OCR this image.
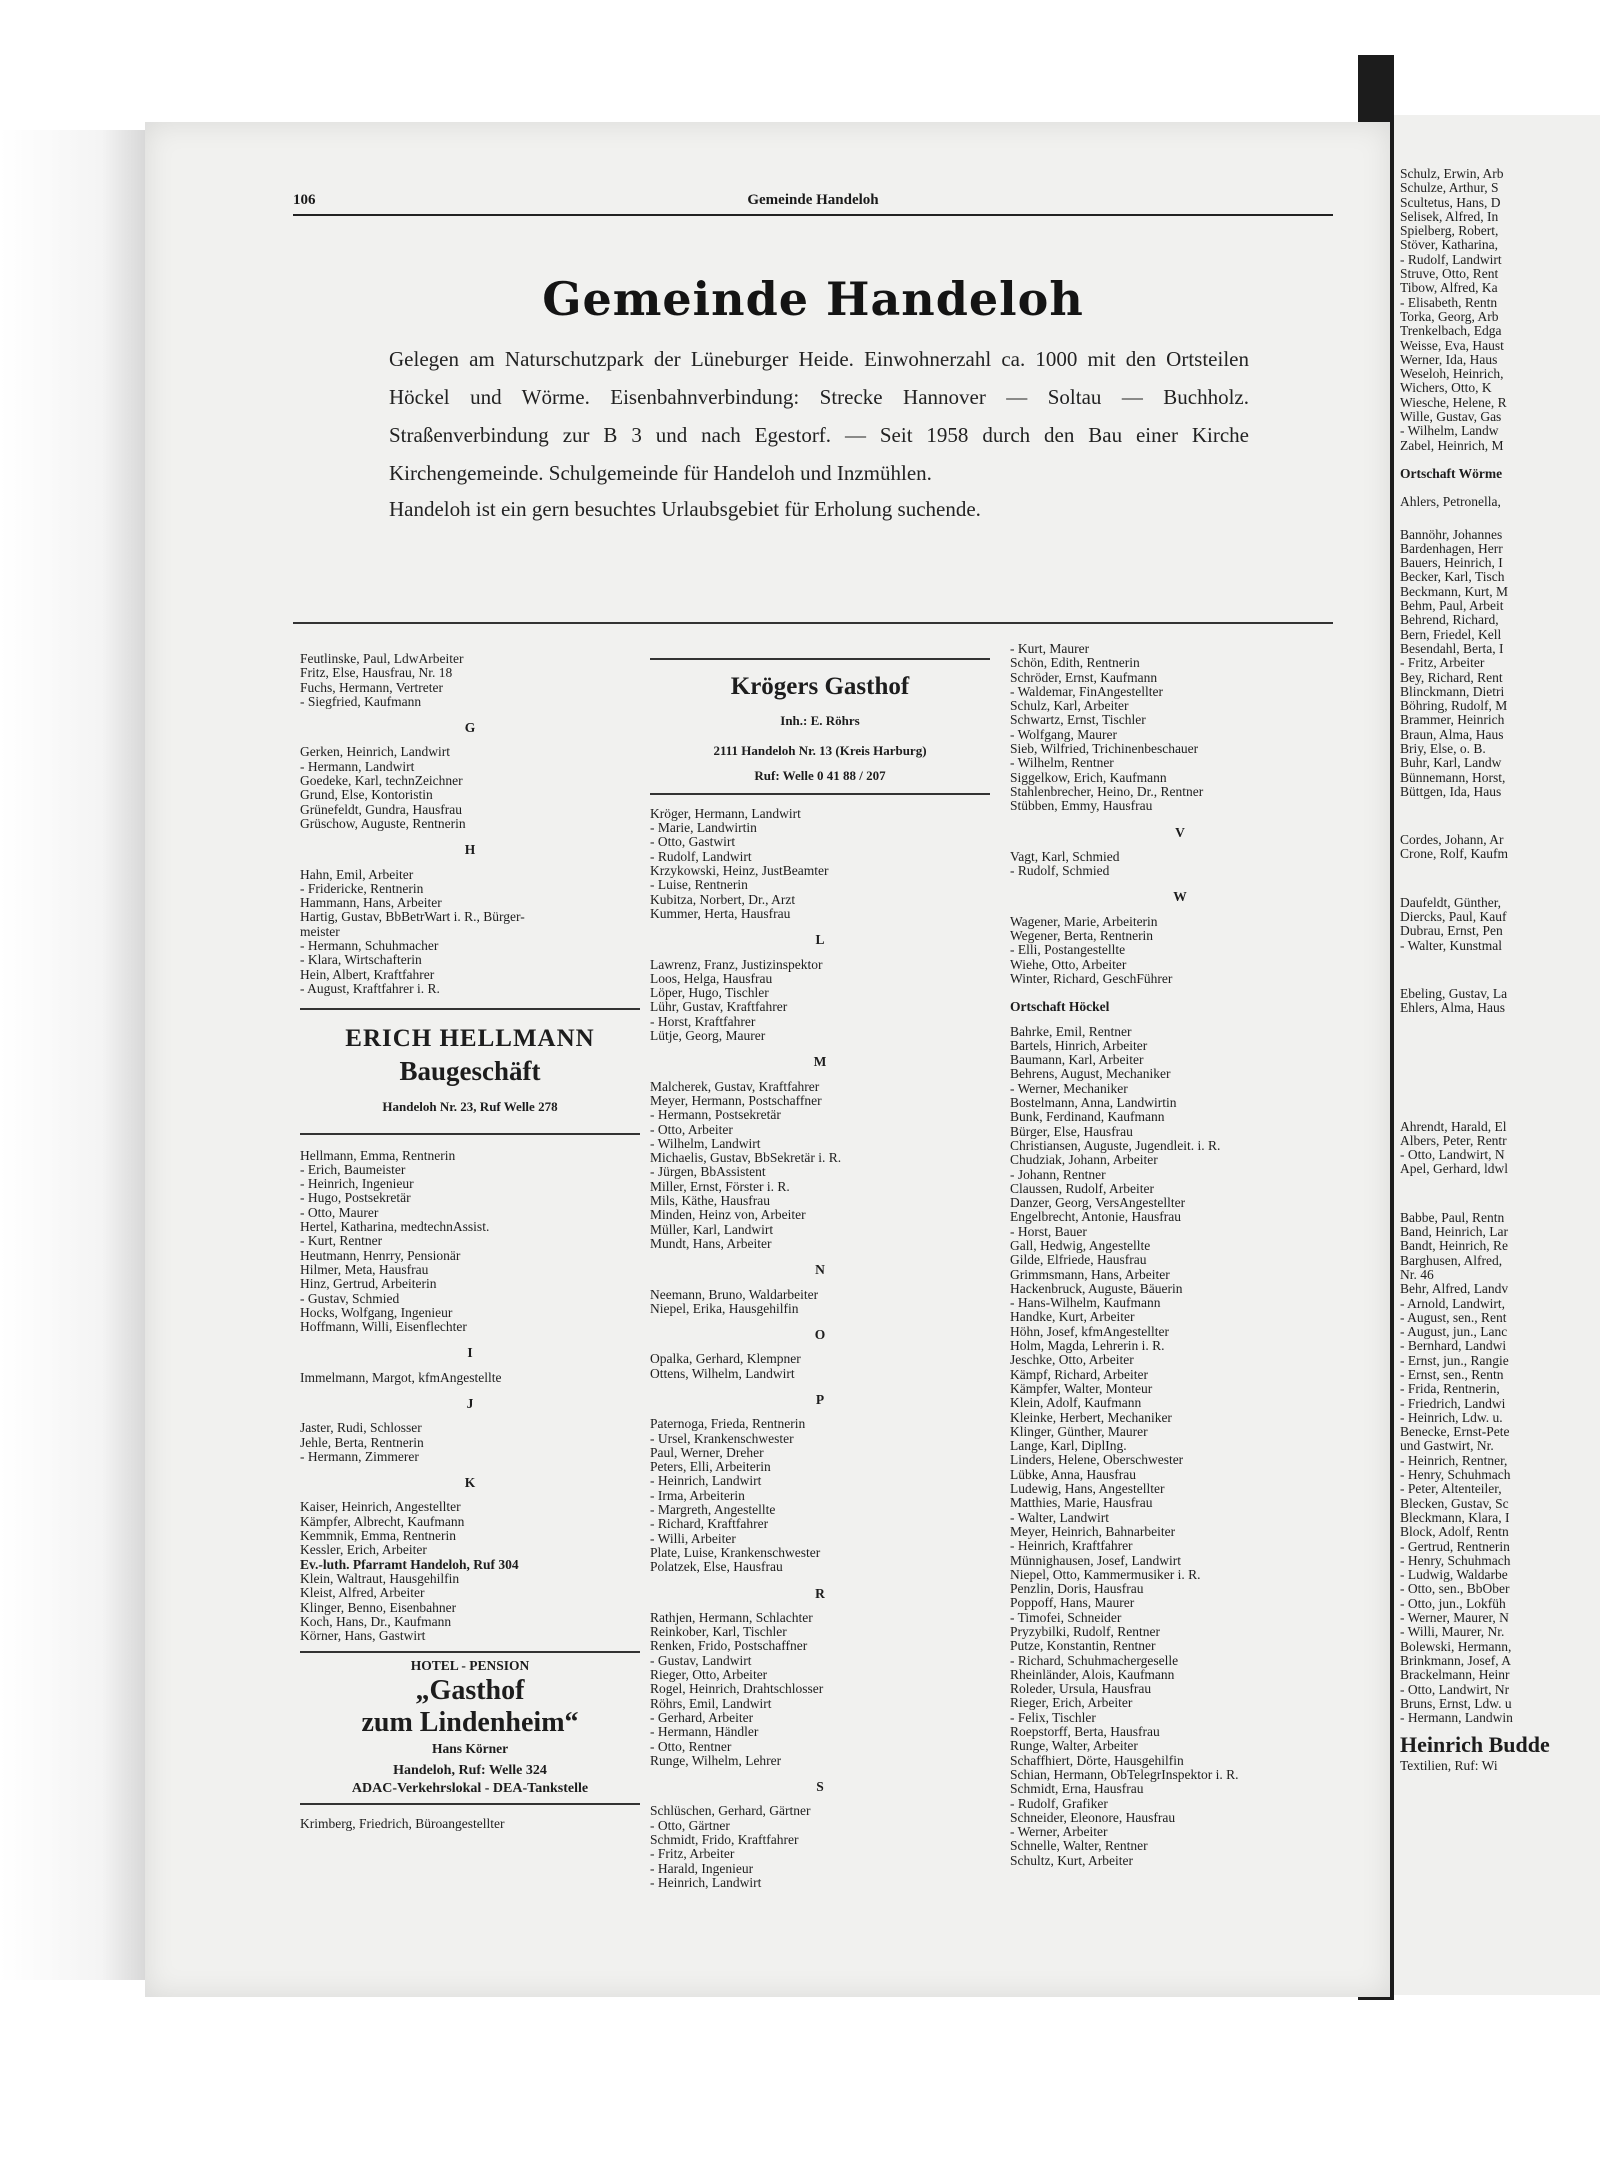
106	Gemeinde Handeloh
Gemeinde Handeloh

Gelegen am Naturschutzpark der Lüneburger Heide. Einwohnerzahl ca. 1000 mit den Ortsteilen Höckel und Wörme. Eisenbahnverbindung: Strecke Hannover — Soltau — Buchholz. Straßenverbindung zur B 3 und nach Egestorf. — Seit 1958 durch den Bau einer Kirche Kirchengemeinde. Schulgemeinde für Handeloh und Inzmühlen.

Handeloh ist ein gern besuchtes Urlaubsgebiet für Erholung suchende.

Feutlinske, Paul, LdwArbeiter
Fritz, Else, Hausfrau, Nr. 18
Fuchs, Hermann, Vertreter
- Siegfried, Kaufmann
G
Gerken, Heinrich, Landwirt
- Hermann, Landwirt
Goedeke, Karl, technZeichner
Grund, Else, Kontoristin
Grünefeldt, Gundra, Hausfrau
Grüschow, Auguste, Rentnerin
H
Hahn, Emil, Arbeiter
- Fridericke, Rentnerin
Hammann, Hans, Arbeiter
Hartig, Gustav, BbBetrWart i. R., Bürger-
meister
- Hermann, Schuhmacher
- Klara, Wirtschafterin
Hein, Albert, Kraftfahrer
- August, Kraftfahrer i. R.
ERICH HELLMANN
Baugeschäft
Handeloh Nr. 23, Ruf Welle 278
Hellmann, Emma, Rentnerin
- Erich, Baumeister
- Heinrich, Ingenieur
- Hugo, Postsekretär
- Otto, Maurer
Hertel, Katharina, medtechnAssist.
- Kurt, Rentner
Heutmann, Henrry, Pensionär
Hilmer, Meta, Hausfrau
Hinz, Gertrud, Arbeiterin
- Gustav, Schmied
Hocks, Wolfgang, Ingenieur
Hoffmann, Willi, Eisenflechter
I
Immelmann, Margot, kfmAngestellte
J
Jaster, Rudi, Schlosser
Jehle, Berta, Rentnerin
- Hermann, Zimmerer
K
Kaiser, Heinrich, Angestellter
Kämpfer, Albrecht, Kaufmann
Kemmnik, Emma, Rentnerin
Kessler, Erich, Arbeiter
Ev.-luth. Pfarramt Handeloh, Ruf 304
Klein, Waltraut, Hausgehilfin
Kleist, Alfred, Arbeiter
Klinger, Benno, Eisenbahner
Koch, Hans, Dr., Kaufmann
Körner, Hans, Gastwirt
HOTEL - PENSION
„Gasthof
zum Lindenheim“
Hans Körner
Handeloh, Ruf: Welle 324
ADAC-Verkehrslokal - DEA-Tankstelle
Krimberg, Friedrich, Büroangestellter
Krögers Gasthof
Inh.: E. Röhrs
2111 Handeloh Nr. 13 (Kreis Harburg)
Ruf: Welle 0 41 88 / 207
Kröger, Hermann, Landwirt
- Marie, Landwirtin
- Otto, Gastwirt
- Rudolf, Landwirt
Krzykowski, Heinz, JustBeamter
- Luise, Rentnerin
Kubitza, Norbert, Dr., Arzt
Kummer, Herta, Hausfrau
L
Lawrenz, Franz, Justizinspektor
Loos, Helga, Hausfrau
Löper, Hugo, Tischler
Lühr, Gustav, Kraftfahrer
- Horst, Kraftfahrer
Lütje, Georg, Maurer
M
Malcherek, Gustav, Kraftfahrer
Meyer, Hermann, Postschaffner
- Hermann, Postsekretär
- Otto, Arbeiter
- Wilhelm, Landwirt
Michaelis, Gustav, BbSekretär i. R.
- Jürgen, BbAssistent
Miller, Ernst, Förster i. R.
Mils, Käthe, Hausfrau
Minden, Heinz von, Arbeiter
Müller, Karl, Landwirt
Mundt, Hans, Arbeiter
N
Neemann, Bruno, Waldarbeiter
Niepel, Erika, Hausgehilfin
O
Opalka, Gerhard, Klempner
Ottens, Wilhelm, Landwirt
P
Paternoga, Frieda, Rentnerin
- Ursel, Krankenschwester
Paul, Werner, Dreher
Peters, Elli, Arbeiterin
- Heinrich, Landwirt
- Irma, Arbeiterin
- Margreth, Angestellte
- Richard, Kraftfahrer
- Willi, Arbeiter
Plate, Luise, Krankenschwester
Polatzek, Else, Hausfrau
R
Rathjen, Hermann, Schlachter
Reinkober, Karl, Tischler
Renken, Frido, Postschaffner
- Gustav, Landwirt
Rieger, Otto, Arbeiter
Rogel, Heinrich, Drahtschlosser
Röhrs, Emil, Landwirt
- Gerhard, Arbeiter
- Hermann, Händler
- Otto, Rentner
Runge, Wilhelm, Lehrer
S
Schlüschen, Gerhard, Gärtner
- Otto, Gärtner
Schmidt, Frido, Kraftfahrer
- Fritz, Arbeiter
- Harald, Ingenieur
- Heinrich, Landwirt
- Kurt, Maurer
Schön, Edith, Rentnerin
Schröder, Ernst, Kaufmann
- Waldemar, FinAngestellter
Schulz, Karl, Arbeiter
Schwartz, Ernst, Tischler
- Wolfgang, Maurer
Sieb, Wilfried, Trichinenbeschauer
- Wilhelm, Rentner
Siggelkow, Erich, Kaufmann
Stahlenbrecher, Heino, Dr., Rentner
Stübben, Emmy, Hausfrau
V
Vagt, Karl, Schmied
- Rudolf, Schmied
W
Wagener, Marie, Arbeiterin
Wegener, Berta, Rentnerin
- Elli, Postangestellte
Wiehe, Otto, Arbeiter
Winter, Richard, GeschFührer
Ortschaft Höckel
Bahrke, Emil, Rentner
Bartels, Hinrich, Arbeiter
Baumann, Karl, Arbeiter
Behrens, August, Mechaniker
- Werner, Mechaniker
Bostelmann, Anna, Landwirtin
Bunk, Ferdinand, Kaufmann
Bürger, Else, Hausfrau
Christiansen, Auguste, Jugendleit. i. R.
Chudziak, Johann, Arbeiter
- Johann, Rentner
Claussen, Rudolf, Arbeiter
Danzer, Georg, VersAngestellter
Engelbrecht, Antonie, Hausfrau
- Horst, Bauer
Gall, Hedwig, Angestellte
Gilde, Elfriede, Hausfrau
Grimmsmann, Hans, Arbeiter
Hackenbruck, Auguste, Bäuerin
- Hans-Wilhelm, Kaufmann
Handke, Kurt, Arbeiter
Höhn, Josef, kfmAngestellter
Holm, Magda, Lehrerin i. R.
Jeschke, Otto, Arbeiter
Kämpf, Richard, Arbeiter
Kämpfer, Walter, Monteur
Klein, Adolf, Kaufmann
Kleinke, Herbert, Mechaniker
Klinger, Günther, Maurer
Lange, Karl, DiplIng.
Linders, Helene, Oberschwester
Lübke, Anna, Hausfrau
Ludewig, Hans, Angestellter
Matthies, Marie, Hausfrau
- Walter, Landwirt
Meyer, Heinrich, Bahnarbeiter
- Heinrich, Kraftfahrer
Münnighausen, Josef, Landwirt
Niepel, Otto, Kammermusiker i. R.
Penzlin, Doris, Hausfrau
Poppoff, Hans, Maurer
- Timofei, Schneider
Pryzybilki, Rudolf, Rentner
Putze, Konstantin, Rentner
- Richard, Schuhmachergeselle
Rheinländer, Alois, Kaufmann
Roleder, Ursula, Hausfrau
Rieger, Erich, Arbeiter
- Felix, Tischler
Roepstorff, Berta, Hausfrau
Runge, Walter, Arbeiter
Schaffhiert, Dörte, Hausgehilfin
Schian, Hermann, ObTelegrInspektor i. R.
Schmidt, Erna, Hausfrau
- Rudolf, Grafiker
Schneider, Eleonore, Hausfrau
- Werner, Arbeiter
Schnelle, Walter, Rentner
Schultz, Kurt, Arbeiter
Schulz, Erwin, Arb
Schulze, Arthur, S
Scultetus, Hans, D
Selisek, Alfred, In
Spielberg, Robert,
Stöver, Katharina,
- Rudolf, Landwirt
Struve, Otto, Rent
Tibow, Alfred, Ka
- Elisabeth, Rentn
Torka, Georg, Arb
Trenkelbach, Edga
Weisse, Eva, Haust
Werner, Ida, Haus
Weseloh, Heinrich,
Wichers, Otto, K
Wiesche, Helene, R
Wille, Gustav, Gas
- Wilhelm, Landw
Zabel, Heinrich, M
Ortschaft Wörme
Ahlers, Petronella,
Bannöhr, Johannes
Bardenhagen, Herr
Bauers, Heinrich, I
Becker, Karl, Tisch
Beckmann, Kurt, M
Behm, Paul, Arbeit
Behrend, Richard,
Bern, Friedel, Kell
Besendahl, Berta, I
- Fritz, Arbeiter
Bey, Richard, Rent
Blinckmann, Dietri
Böhring, Rudolf, M
Brammer, Heinrich
Braun, Alma, Haus
Briy, Else, o. B.
Buhr, Karl, Landw
Bünnemann, Horst,
Büttgen, Ida, Haus
Cordes, Johann, Ar
Crone, Rolf, Kaufm
Daufeldt, Günther,
Diercks, Paul, Kauf
Dubrau, Ernst, Pen
- Walter, Kunstmal
Ebeling, Gustav, La
Ehlers, Alma, Haus
Ahrendt, Harald, El
Albers, Peter, Rentr
- Otto, Landwirt, N
Apel, Gerhard, ldwl
Babbe, Paul, Rentn
Band, Heinrich, Lar
Bandt, Heinrich, Re
Barghusen, Alfred,
Nr. 46
Behr, Alfred, Landv
- Arnold, Landwirt,
- August, sen., Rent
- August, jun., Lanc
- Bernhard, Landwi
- Ernst, jun., Rangie
- Ernst, sen., Rentn
- Frida, Rentnerin,
- Friedrich, Landwi
- Heinrich, Ldw. u.
Benecke, Ernst-Pete
und Gastwirt, Nr.
- Heinrich, Rentner,
- Henry, Schuhmach
- Peter, Altenteiler,
Blecken, Gustav, Sc
Bleckmann, Klara, I
Block, Adolf, Rentn
- Gertrud, Rentnerin
- Henry, Schuhmach
- Ludwig, Waldarbe
- Otto, sen., BbOber
- Otto, jun., Lokfüh
- Werner, Maurer, N
- Willi, Maurer, Nr.
Bolewski, Hermann,
Brinkmann, Josef, A
Brackelmann, Heinr
- Otto, Landwirt, Nr
Bruns, Ernst, Ldw. u
- Hermann, Landwin
Heinrich Budde
Textilien, Ruf: Wi
